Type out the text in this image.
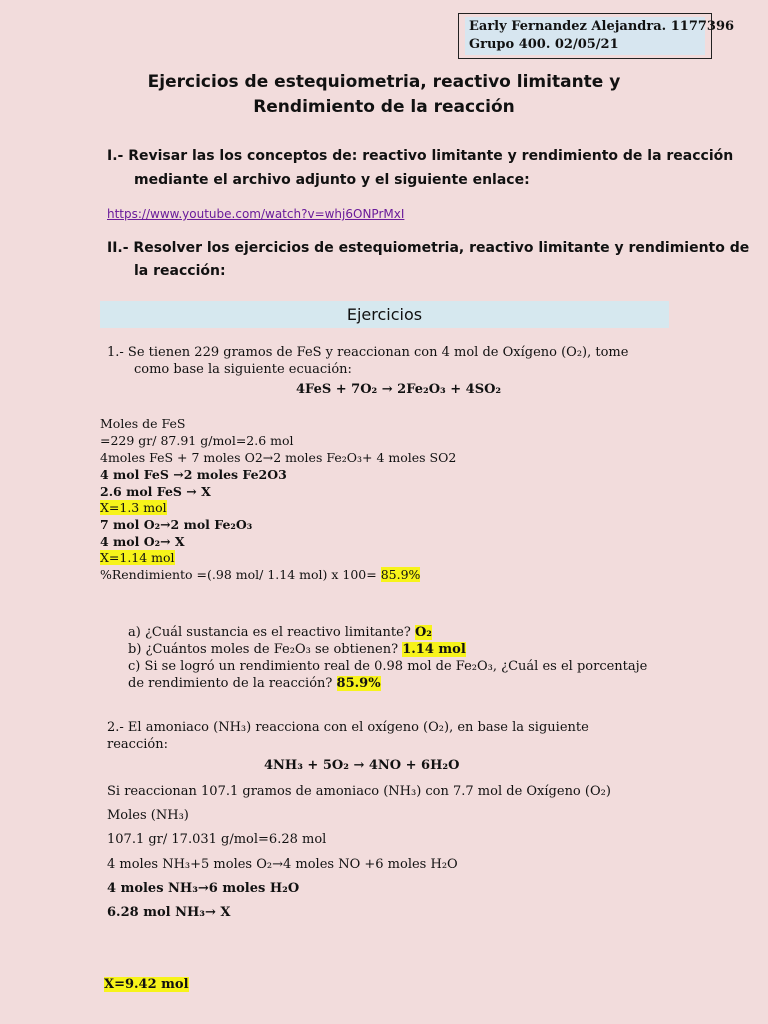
Early Fernandez Alejandra. 1177396
Grupo 400. 02/05/21
Ejercicios de estequiometria, reactivo limitante y
Rendimiento de la reacción
I.- Revisar las los conceptos de: reactivo limitante y rendimiento de la reacción
mediante el archivo adjunto y el siguiente enlace:
https://www.youtube.com/watch?v=whj6ONPrMxI
II.- Resolver los ejercicios de estequiometria, reactivo limitante y rendimiento de
la reacción:
Ejercicios
1.- Se tienen 229 gramos de FeS y reaccionan con 4 mol de Oxígeno (O₂), tome
como base la siguiente ecuación:
4FeS + 7O₂ → 2Fe₂O₃ + 4SO₂
Moles de FeS
=229 gr/ 87.91 g/mol=2.6 mol
4moles FeS + 7 moles O2→2 moles Fe₂O₃+ 4 moles SO2
4 mol FeS →2 moles Fe2O3
2.6 mol FeS → X
X=1.3 mol
7 mol O₂→2 mol Fe₂O₃
4 mol O₂→ X
X=1.14 mol
%Rendimiento =(.98 mol/ 1.14 mol) x 100= 85.9%
a) ¿Cuál sustancia es el reactivo limitante? O₂
b) ¿Cuántos moles de Fe₂O₃ se obtienen? 1.14 mol
c) Si se logró un rendimiento real de 0.98 mol de Fe₂O₃, ¿Cuál es el porcentaje
de rendimiento de la reacción? 85.9%
2.- El amoniaco (NH₃) reacciona con el oxígeno (O₂), en base la siguiente
reacción:
4NH₃ + 5O₂ → 4NO + 6H₂O
Si reaccionan 107.1 gramos de amoniaco (NH₃) con 7.7 mol de Oxígeno (O₂)
Moles (NH₃)
107.1 gr/ 17.031 g/mol=6.28 mol
4 moles NH₃+5 moles O₂→4 moles NO +6 moles H₂O
4 moles NH₃→6 moles H₂O
6.28 mol NH₃→ X
X=9.42 mol
